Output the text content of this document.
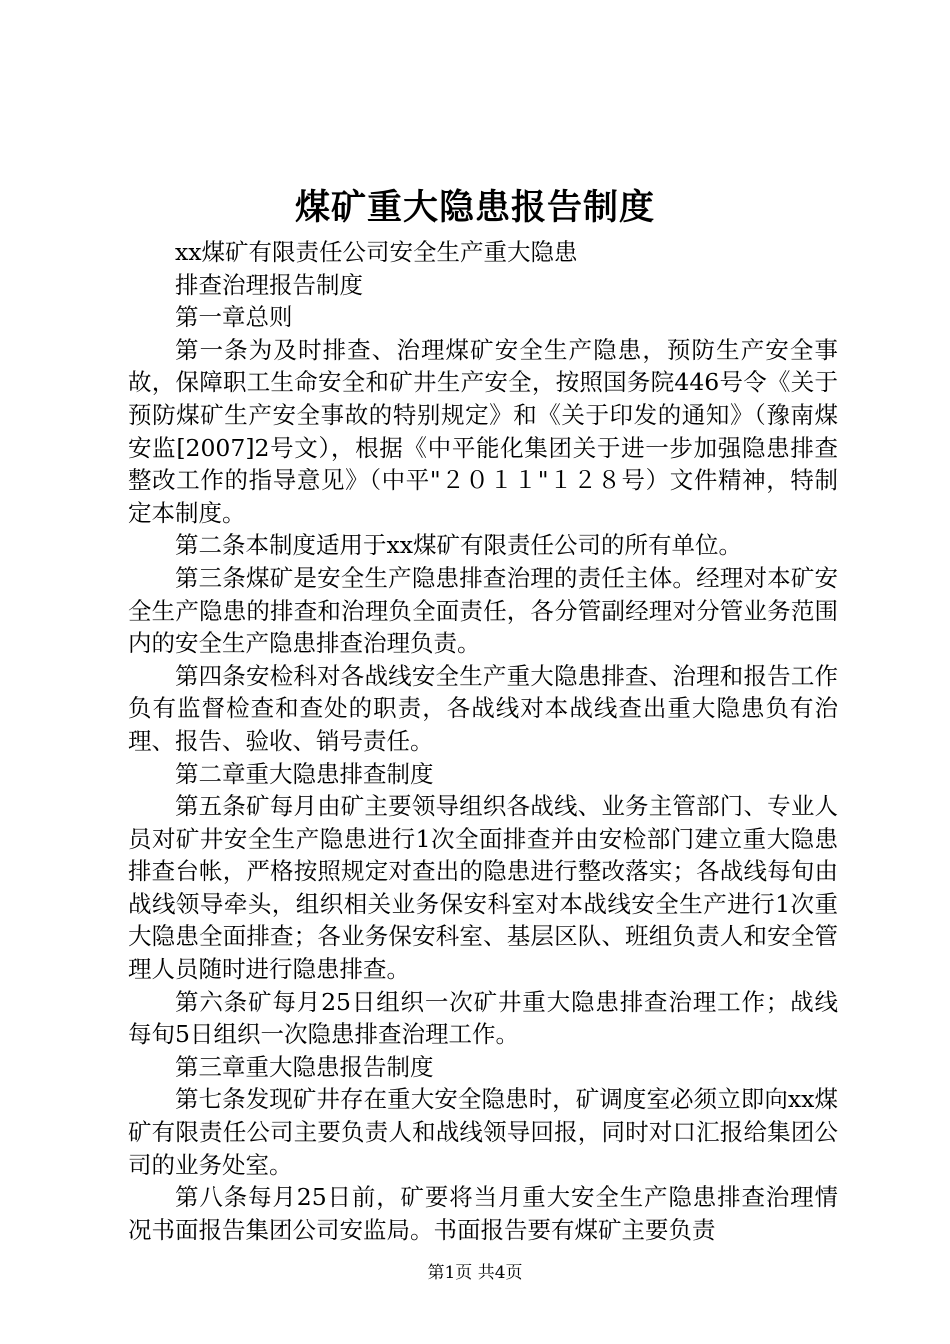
煤矿重大隐患报告制度

xx煤矿有限责任公司安全生产重大隐患

排查治理报告制度

第一章总则

第一条为及时排查、治理煤矿安全生产隐患，预防生产安全事故，保障职工生命安全和矿井生产安全，按照国务院446号令《关于预防煤矿生产安全事故的特别规定》和《关于印发的通知》（豫南煤安监[2007]2号文），根据《中平能化集团关于进一步加强隐患排查整改工作的指导意见》（中平"２０１１"１２８号）文件精神，特制定本制度。

第二条本制度适用于xx煤矿有限责任公司的所有单位。

第三条煤矿是安全生产隐患排查治理的责任主体。经理对本矿安全生产隐患的排查和治理负全面责任，各分管副经理对分管业务范围内的安全生产隐患排查治理负责。

第四条安检科对各战线安全生产重大隐患排查、治理和报告工作负有监督检查和查处的职责，各战线对本战线查出重大隐患负有治理、报告、验收、销号责任。

第二章重大隐患排查制度

第五条矿每月由矿主要领导组织各战线、业务主管部门、专业人员对矿井安全生产隐患进行1次全面排查并由安检部门建立重大隐患排查台帐，严格按照规定对查出的隐患进行整改落实；各战线每旬由战线领导牵头，组织相关业务保安科室对本战线安全生产进行1次重大隐患全面排查；各业务保安科室、基层区队、班组负责人和安全管理人员随时进行隐患排查。

第六条矿每月25日组织一次矿井重大隐患排查治理工作；战线每旬5日组织一次隐患排查治理工作。

第三章重大隐患报告制度

第七条发现矿井存在重大安全隐患时，矿调度室必须立即向xx煤矿有限责任公司主要负责人和战线领导回报，同时对口汇报给集团公司的业务处室。

第八条每月25日前，矿要将当月重大安全生产隐患排查治理情况书面报告集团公司安监局。书面报告要有煤矿主要负责

第1页 共4页
